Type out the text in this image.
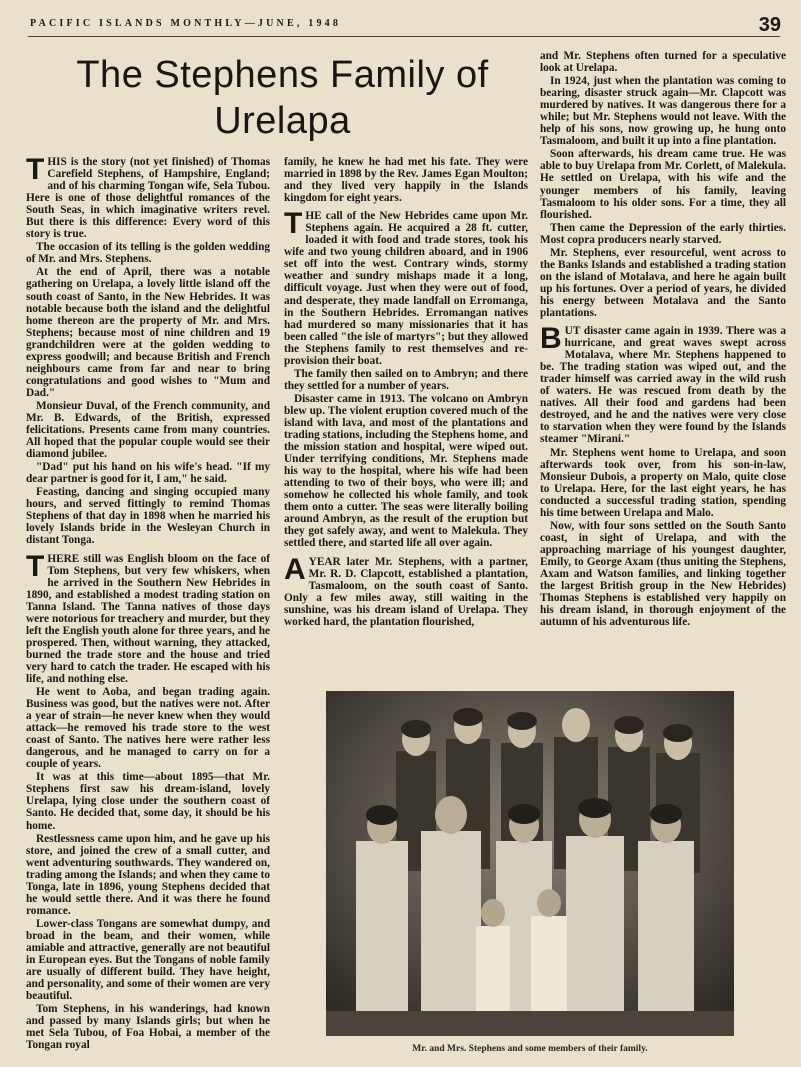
PACIFIC ISLANDS MONTHLY—JUNE, 1948	39
The Stephens Family of
Urelapa

THIS is the story (not yet finished) of Thomas Carefield Stephens, of Hampshire, England; and of his charming Tongan wife, Sela Tubou. Here is one of those delightful romances of the South Seas, in which imaginative writers revel. But there is this difference: Every word of this story is true.

The occasion of its telling is the golden wedding of Mr. and Mrs. Stephens.

At the end of April, there was a notable gathering on Urelapa, a lovely little island off the south coast of Santo, in the New Hebrides. It was notable because both the island and the delightful home thereon are the property of Mr. and Mrs. Stephens; because most of nine children and 19 grandchildren were at the golden wedding to express goodwill; and because British and French neighbours came from far and near to bring congratulations and good wishes to "Mum and Dad."

Monsieur Duval, of the French community, and Mr. B. Edwards, of the British, expressed felicitations. Presents came from many countries. All hoped that the popular couple would see their diamond jubilee.

"Dad" put his hand on his wife's head. "If my dear partner is good for it, I am," he said.

Feasting, dancing and singing occupied many hours, and served fittingly to remind Thomas Stephens of that day in 1898 when he married his lovely Islands bride in the Wesleyan Church in distant Tonga.

THERE still was English bloom on the face of Tom Stephens, but very few whiskers, when he arrived in the Southern New Hebrides in 1890, and established a modest trading station on Tanna Island. The Tanna natives of those days were notorious for treachery and murder, but they left the English youth alone for three years, and he prospered. Then, without warning, they attacked, burned the trade store and the house and tried very hard to catch the trader. He escaped with his life, and nothing else.

He went to Aoba, and began trading again. Business was good, but the natives were not. After a year of strain—he never knew when they would attack—he removed his trade store to the west coast of Santo. The natives here were rather less dangerous, and he managed to carry on for a couple of years.

It was at this time—about 1895—that Mr. Stephens first saw his dream-island, lovely Urelapa, lying close under the southern coast of Santo. He decided that, some day, it should be his home.

Restlessness came upon him, and he gave up his store, and joined the crew of a small cutter, and went adventuring southwards. They wandered on, trading among the Islands; and when they came to Tonga, late in 1896, young Stephens decided that he would settle there. And it was there he found romance.

Lower-class Tongans are somewhat dumpy, and broad in the beam, and their women, while amiable and attractive, generally are not beautiful in European eyes. But the Tongans of noble family are usually of different build. They have height, and personality, and some of their women are very beautiful.

Tom Stephens, in his wanderings, had known and passed by many Islands girls; but when he met Sela Tubou, of Foa Hobai, a member of the Tongan royal

family, he knew he had met his fate. They were married in 1898 by the Rev. James Egan Moulton; and they lived very happily in the Islands kingdom for eight years.

THE call of the New Hebrides came upon Mr. Stephens again. He acquired a 28 ft. cutter, loaded it with food and trade stores, took his wife and two young children aboard, and in 1906 set off into the west. Contrary winds, stormy weather and sundry mishaps made it a long, difficult voyage. Just when they were out of food, and desperate, they made landfall on Erromanga, in the Southern Hebrides. Erromangan natives had murdered so many missionaries that it has been called "the isle of martyrs"; but they allowed the Stephens family to rest themselves and re-provision their boat.

The family then sailed on to Ambryn; and there they settled for a number of years.

Disaster came in 1913. The volcano on Ambryn blew up. The violent eruption covered much of the island with lava, and most of the plantations and trading stations, including the Stephens home, and the mission station and hospital, were wiped out. Under terrifying conditions, Mr. Stephens made his way to the hospital, where his wife had been attending to two of their boys, who were ill; and somehow he collected his whole family, and took them onto a cutter. The seas were literally boiling around Ambryn, as the result of the eruption but they got safely away, and went to Malekula. They settled there, and started life all over again.

AYEAR later Mr. Stephens, with a partner, Mr. R. D. Clapcott, established a plantation, Tasmaloom, on the south coast of Santo. Only a few miles away, still waiting in the sunshine, was his dream island of Urelapa. They worked hard, the plantation flourished,

and Mr. Stephens often turned for a speculative look at Urelapa.

In 1924, just when the plantation was coming to bearing, disaster struck again—Mr. Clapcott was murdered by natives. It was dangerous there for a while; but Mr. Stephens would not leave. With the help of his sons, now growing up, he hung onto Tasmaloom, and built it up into a fine plantation.

Soon afterwards, his dream came true. He was able to buy Urelapa from Mr. Corlett, of Malekula. He settled on Urelapa, with his wife and the younger members of his family, leaving Tasmaloom to his older sons. For a time, they all flourished.

Then came the Depression of the early thirties. Most copra producers nearly starved.

Mr. Stephens, ever resourceful, went across to the Banks Islands and established a trading station on the island of Motalava, and here he again built up his fortunes. Over a period of years, he divided his energy between Motalava and the Santo plantations.

BUT disaster came again in 1939. There was a hurricane, and great waves swept across Motalava, where Mr. Stephens happened to be. The trading station was wiped out, and the trader himself was carried away in the wild rush of waters. He was rescued from death by the natives. All their food and gardens had been destroyed, and he and the natives were very close to starvation when they were found by the Islands steamer "Mirani."

Mr. Stephens went home to Urelapa, and soon afterwards took over, from his son-in-law, Monsieur Dubois, a property on Malo, quite close to Urelapa. Here, for the last eight years, he has conducted a successful trading station, spending his time between Urelapa and Malo.

Now, with four sons settled on the South Santo coast, in sight of Urelapa, and with the approaching marriage of his youngest daughter, Emily, to George Axam (thus uniting the Stephens, Axam and Watson families, and linking together the largest British group in the New Hebrides) Thomas Stephens is established very happily on his dream island, in thorough enjoyment of the autumn of his adventurous life.

Mr. and Mrs. Stephens and some members of their family.
